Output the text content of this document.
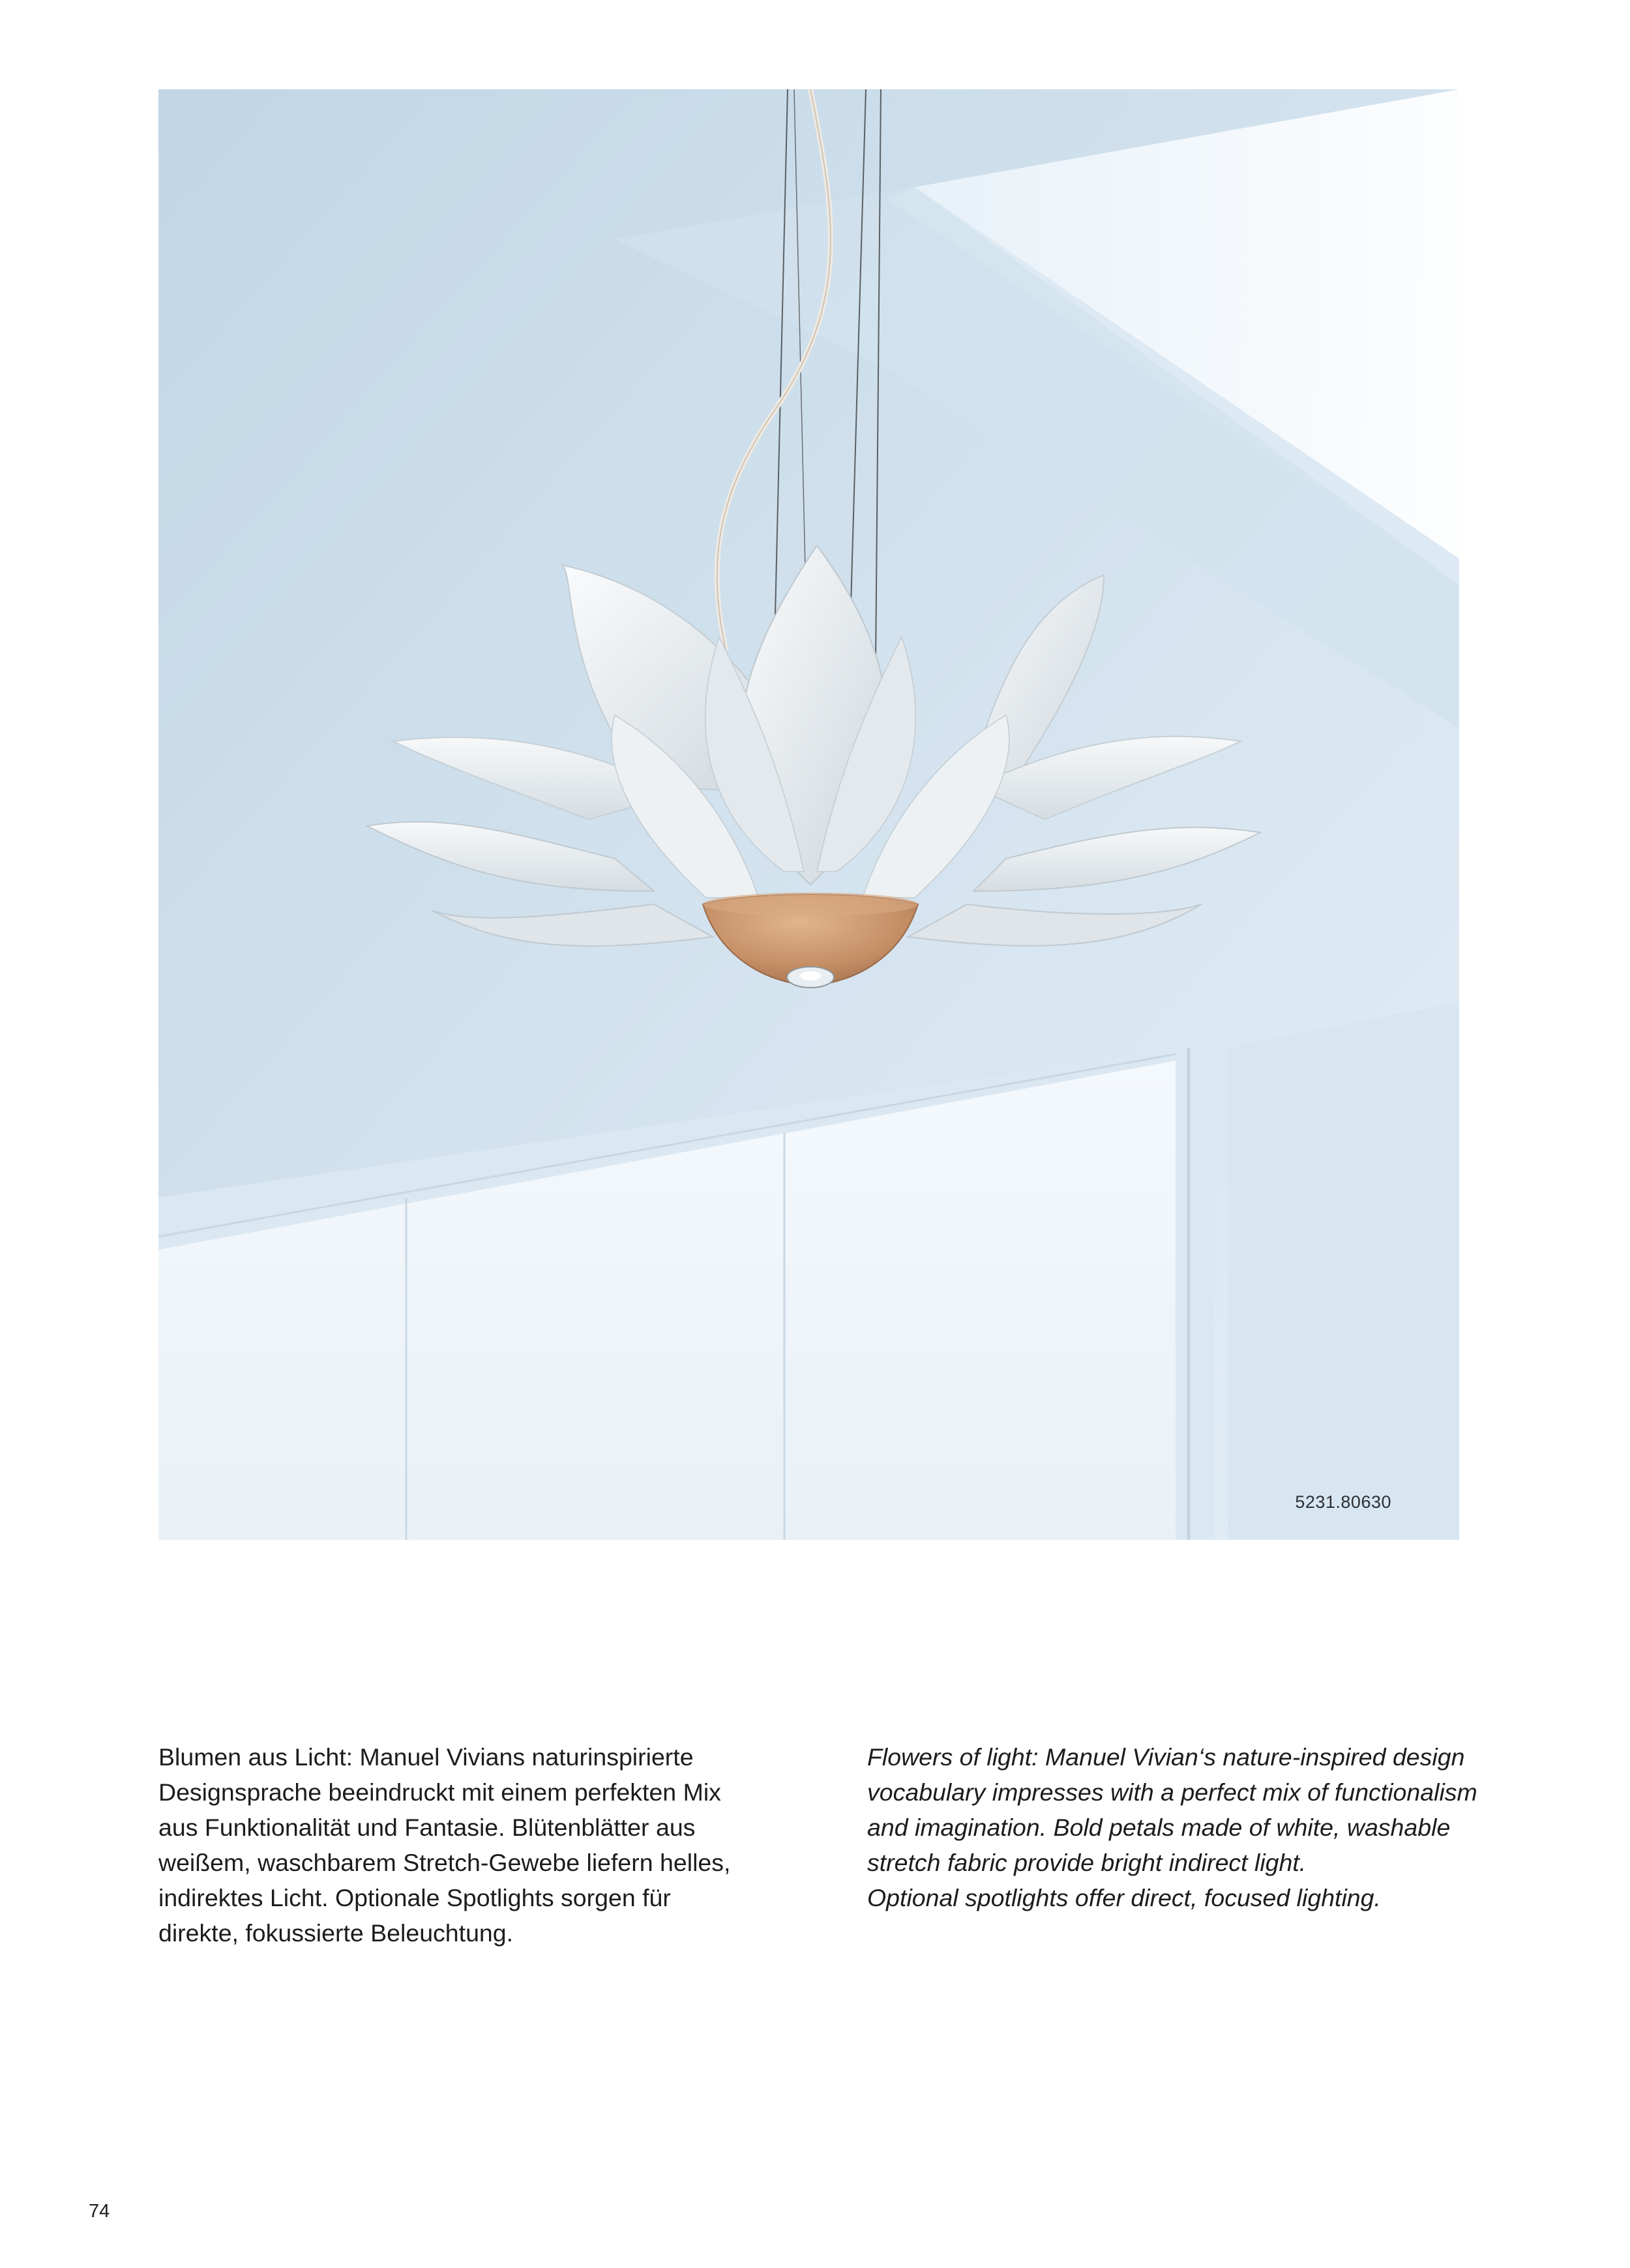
5231.80630

Blumen aus Licht: Manuel Vivians naturinspirierte

Designsprache beeindruckt mit einem perfekten Mix

aus Funktionalität und Fantasie. Blütenblätter aus

weißem, waschbarem Stretch-Gewebe liefern helles,

indirektes Licht. Optionale Spotlights sorgen für

direkte, fokussierte Beleuchtung.

Flowers of light: Manuel Vivian‘s nature-inspired design

vocabulary impresses with a perfect mix of functionalism

and imagination. Bold petals made of white, washable

stretch fabric provide bright indirect light.

Optional spotlights offer direct, focused lighting.

74
